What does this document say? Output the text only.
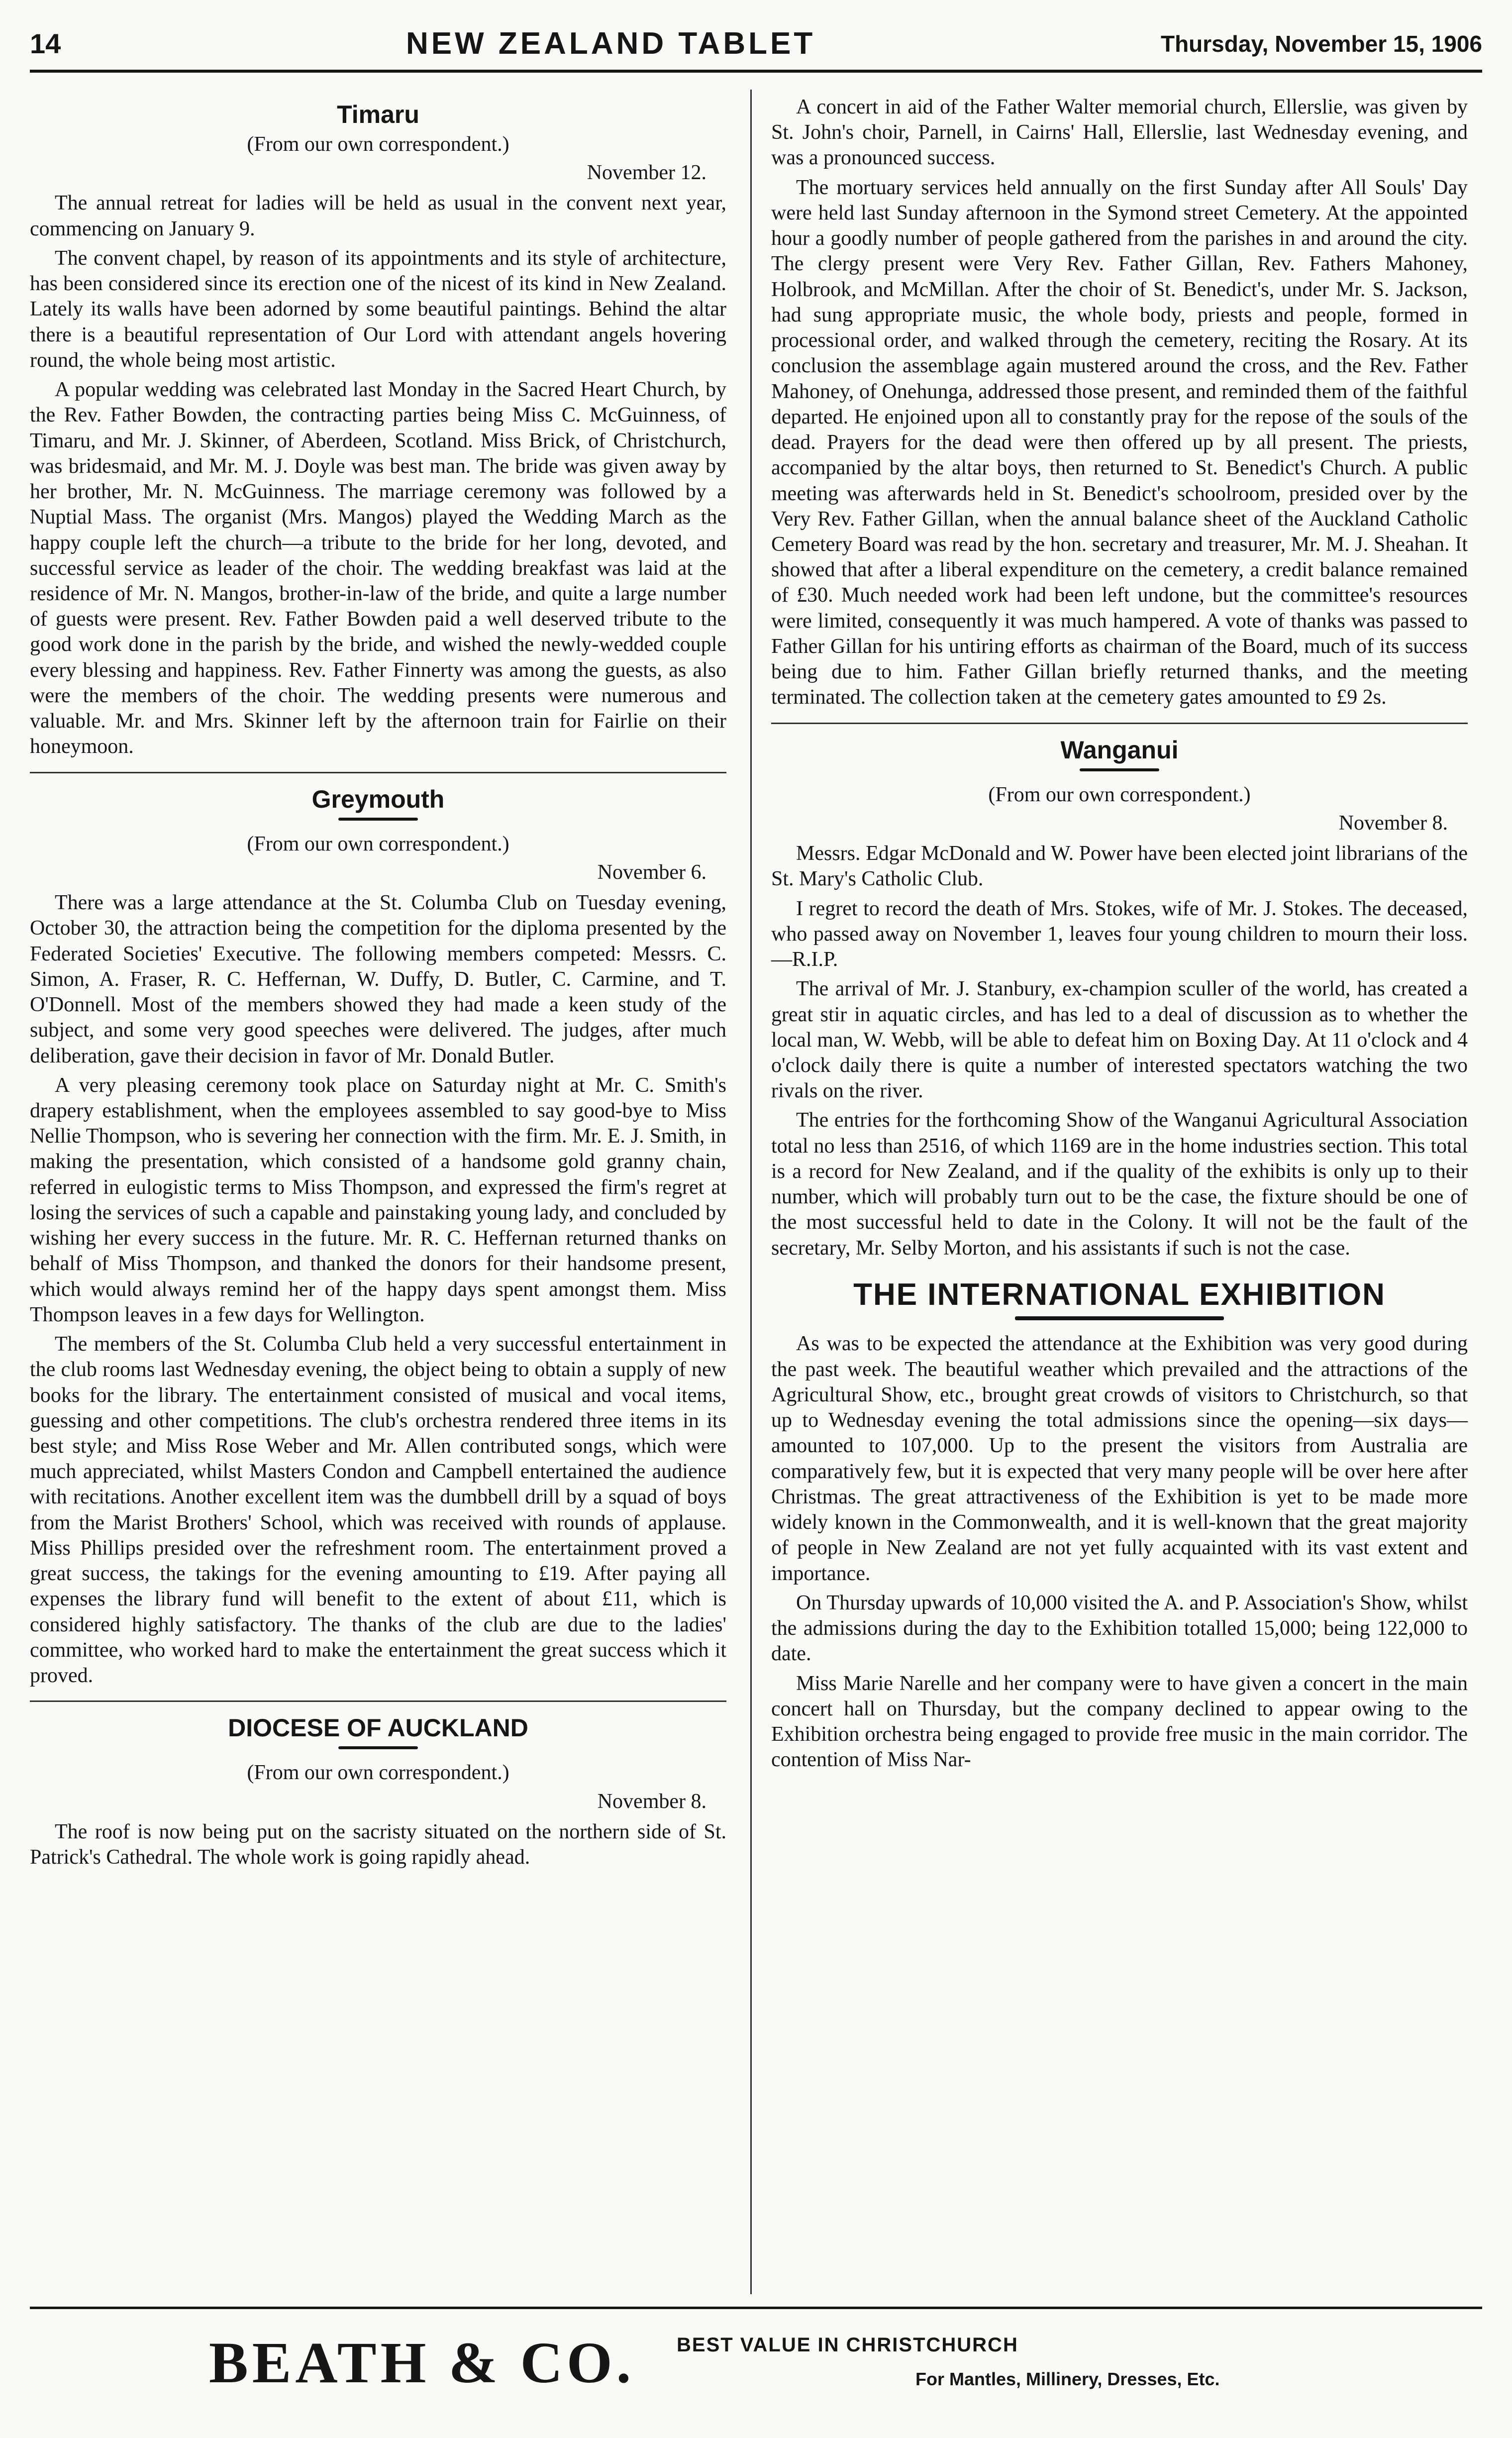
14	NEW ZEALAND TABLET	Thursday, November 15, 1906
Timaru
(From our own correspondent.)
November 12.

The annual retreat for ladies will be held as usual in the convent next year, commencing on January 9.

The convent chapel, by reason of its appointments and its style of architecture, has been considered since its erection one of the nicest of its kind in New Zealand. Lately its walls have been adorned by some beautiful paintings. Behind the altar there is a beautiful representation of Our Lord with attendant angels hovering round, the whole being most artistic.

A popular wedding was celebrated last Monday in the Sacred Heart Church, by the Rev. Father Bowden, the contracting parties being Miss C. McGuinness, of Timaru, and Mr. J. Skinner, of Aberdeen, Scotland. Miss Brick, of Christchurch, was bridesmaid, and Mr. M. J. Doyle was best man. The bride was given away by her brother, Mr. N. McGuinness. The marriage ceremony was followed by a Nuptial Mass. The organist (Mrs. Mangos) played the Wedding March as the happy couple left the church—a tribute to the bride for her long, devoted, and successful service as leader of the choir. The wedding breakfast was laid at the residence of Mr. N. Mangos, brother-in-law of the bride, and quite a large number of guests were present. Rev. Father Bowden paid a well deserved tribute to the good work done in the parish by the bride, and wished the newly-wedded couple every blessing and happiness. Rev. Father Finnerty was among the guests, as also were the members of the choir. The wedding presents were numerous and valuable. Mr. and Mrs. Skinner left by the afternoon train for Fairlie on their honeymoon.

Greymouth
(From our own correspondent.)
November 6.

There was a large attendance at the St. Columba Club on Tuesday evening, October 30, the attraction being the competition for the diploma presented by the Federated Societies' Executive. The following members competed: Messrs. C. Simon, A. Fraser, R. C. Heffernan, W. Duffy, D. Butler, C. Carmine, and T. O'Donnell. Most of the members showed they had made a keen study of the subject, and some very good speeches were delivered. The judges, after much deliberation, gave their decision in favor of Mr. Donald Butler.

A very pleasing ceremony took place on Saturday night at Mr. C. Smith's drapery establishment, when the employees assembled to say good-bye to Miss Nellie Thompson, who is severing her connection with the firm. Mr. E. J. Smith, in making the presentation, which consisted of a handsome gold granny chain, referred in eulogistic terms to Miss Thompson, and expressed the firm's regret at losing the services of such a capable and painstaking young lady, and concluded by wishing her every success in the future. Mr. R. C. Heffernan returned thanks on behalf of Miss Thompson, and thanked the donors for their handsome present, which would always remind her of the happy days spent amongst them. Miss Thompson leaves in a few days for Wellington.

The members of the St. Columba Club held a very successful entertainment in the club rooms last Wednesday evening, the object being to obtain a supply of new books for the library. The entertainment consisted of musical and vocal items, guessing and other competitions. The club's orchestra rendered three items in its best style; and Miss Rose Weber and Mr. Allen contributed songs, which were much appreciated, whilst Masters Condon and Campbell entertained the audience with recitations. Another excellent item was the dumbbell drill by a squad of boys from the Marist Brothers' School, which was received with rounds of applause. Miss Phillips presided over the refreshment room. The entertainment proved a great success, the takings for the evening amounting to £19. After paying all expenses the library fund will benefit to the extent of about £11, which is considered highly satisfactory. The thanks of the club are due to the ladies' committee, who worked hard to make the entertainment the great success which it proved.

DIOCESE OF AUCKLAND
(From our own correspondent.)
November 8.

The roof is now being put on the sacristy situated on the northern side of St. Patrick's Cathedral. The whole work is going rapidly ahead.

A concert in aid of the Father Walter memorial church, Ellerslie, was given by St. John's choir, Parnell, in Cairns' Hall, Ellerslie, last Wednesday evening, and was a pronounced success.

The mortuary services held annually on the first Sunday after All Souls' Day were held last Sunday afternoon in the Symond street Cemetery. At the appointed hour a goodly number of people gathered from the parishes in and around the city. The clergy present were Very Rev. Father Gillan, Rev. Fathers Mahoney, Holbrook, and McMillan. After the choir of St. Benedict's, under Mr. S. Jackson, had sung appropriate music, the whole body, priests and people, formed in processional order, and walked through the cemetery, reciting the Rosary. At its conclusion the assemblage again mustered around the cross, and the Rev. Father Mahoney, of Onehunga, addressed those present, and reminded them of the faithful departed. He enjoined upon all to constantly pray for the repose of the souls of the dead. Prayers for the dead were then offered up by all present. The priests, accompanied by the altar boys, then returned to St. Benedict's Church. A public meeting was afterwards held in St. Benedict's schoolroom, presided over by the Very Rev. Father Gillan, when the annual balance sheet of the Auckland Catholic Cemetery Board was read by the hon. secretary and treasurer, Mr. M. J. Sheahan. It showed that after a liberal expenditure on the cemetery, a credit balance remained of £30. Much needed work had been left undone, but the committee's resources were limited, consequently it was much hampered. A vote of thanks was passed to Father Gillan for his untiring efforts as chairman of the Board, much of its success being due to him. Father Gillan briefly returned thanks, and the meeting terminated. The collection taken at the cemetery gates amounted to £9 2s.

Wanganui
(From our own correspondent.)
November 8.

Messrs. Edgar McDonald and W. Power have been elected joint librarians of the St. Mary's Catholic Club.

I regret to record the death of Mrs. Stokes, wife of Mr. J. Stokes. The deceased, who passed away on November 1, leaves four young children to mourn their loss.—R.I.P.

The arrival of Mr. J. Stanbury, ex-champion sculler of the world, has created a great stir in aquatic circles, and has led to a deal of discussion as to whether the local man, W. Webb, will be able to defeat him on Boxing Day. At 11 o'clock and 4 o'clock daily there is quite a number of interested spectators watching the two rivals on the river.

The entries for the forthcoming Show of the Wanganui Agricultural Association total no less than 2516, of which 1169 are in the home industries section. This total is a record for New Zealand, and if the quality of the exhibits is only up to their number, which will probably turn out to be the case, the fixture should be one of the most successful held to date in the Colony. It will not be the fault of the secretary, Mr. Selby Morton, and his assistants if such is not the case.

THE INTERNATIONAL EXHIBITION

As was to be expected the attendance at the Exhibition was very good during the past week. The beautiful weather which prevailed and the attractions of the Agricultural Show, etc., brought great crowds of visitors to Christchurch, so that up to Wednesday evening the total admissions since the opening—six days—amounted to 107,000. Up to the present the visitors from Australia are comparatively few, but it is expected that very many people will be over here after Christmas. The great attractiveness of the Exhibition is yet to be made more widely known in the Commonwealth, and it is well-known that the great majority of people in New Zealand are not yet fully acquainted with its vast extent and importance.

On Thursday upwards of 10,000 visited the A. and P. Association's Show, whilst the admissions during the day to the Exhibition totalled 15,000; being 122,000 to date.

Miss Marie Narelle and her company were to have given a concert in the main concert hall on Thursday, but the company declined to appear owing to the Exhibition orchestra being engaged to provide free music in the main corridor. The contention of Miss Nar-

BEATH & CO. BEST VALUE IN CHRISTCHURCH
For Mantles, Millinery, Dresses, Etc.
